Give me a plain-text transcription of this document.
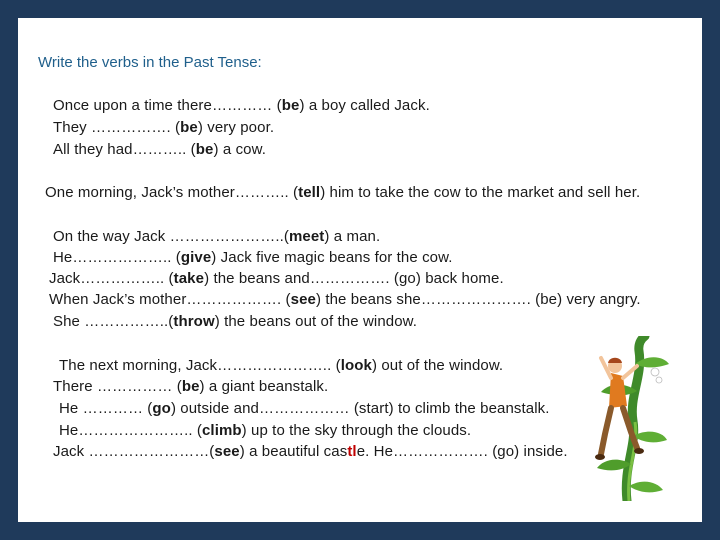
Write the verbs in the Past Tense:
Once upon a time there………… (be) a boy called Jack.
They ……………. (be) very poor.
All they had……….. (be) a cow.
One morning, Jack’s mother……….. (tell) him to take the cow to the market and sell her.
On the way Jack …………………..(meet) a man.
He……………….. (give) Jack five magic beans for the cow.
Jack…………….. (take) the beans and……………. (go) back home.
When Jack’s mother………………. (see) the beans she…………………. (be) very angry.
She ……………..(throw) the beans out of the window.
The next morning, Jack………………….. (look) out of the window.
There …………… (be) a giant beanstalk.
He ………… (go) outside and……………… (start) to climb the beanstalk.
He………………….. (climb) up to the sky through the clouds.
Jack ……………………(see) a beautiful castle. He………………. (go) inside.
